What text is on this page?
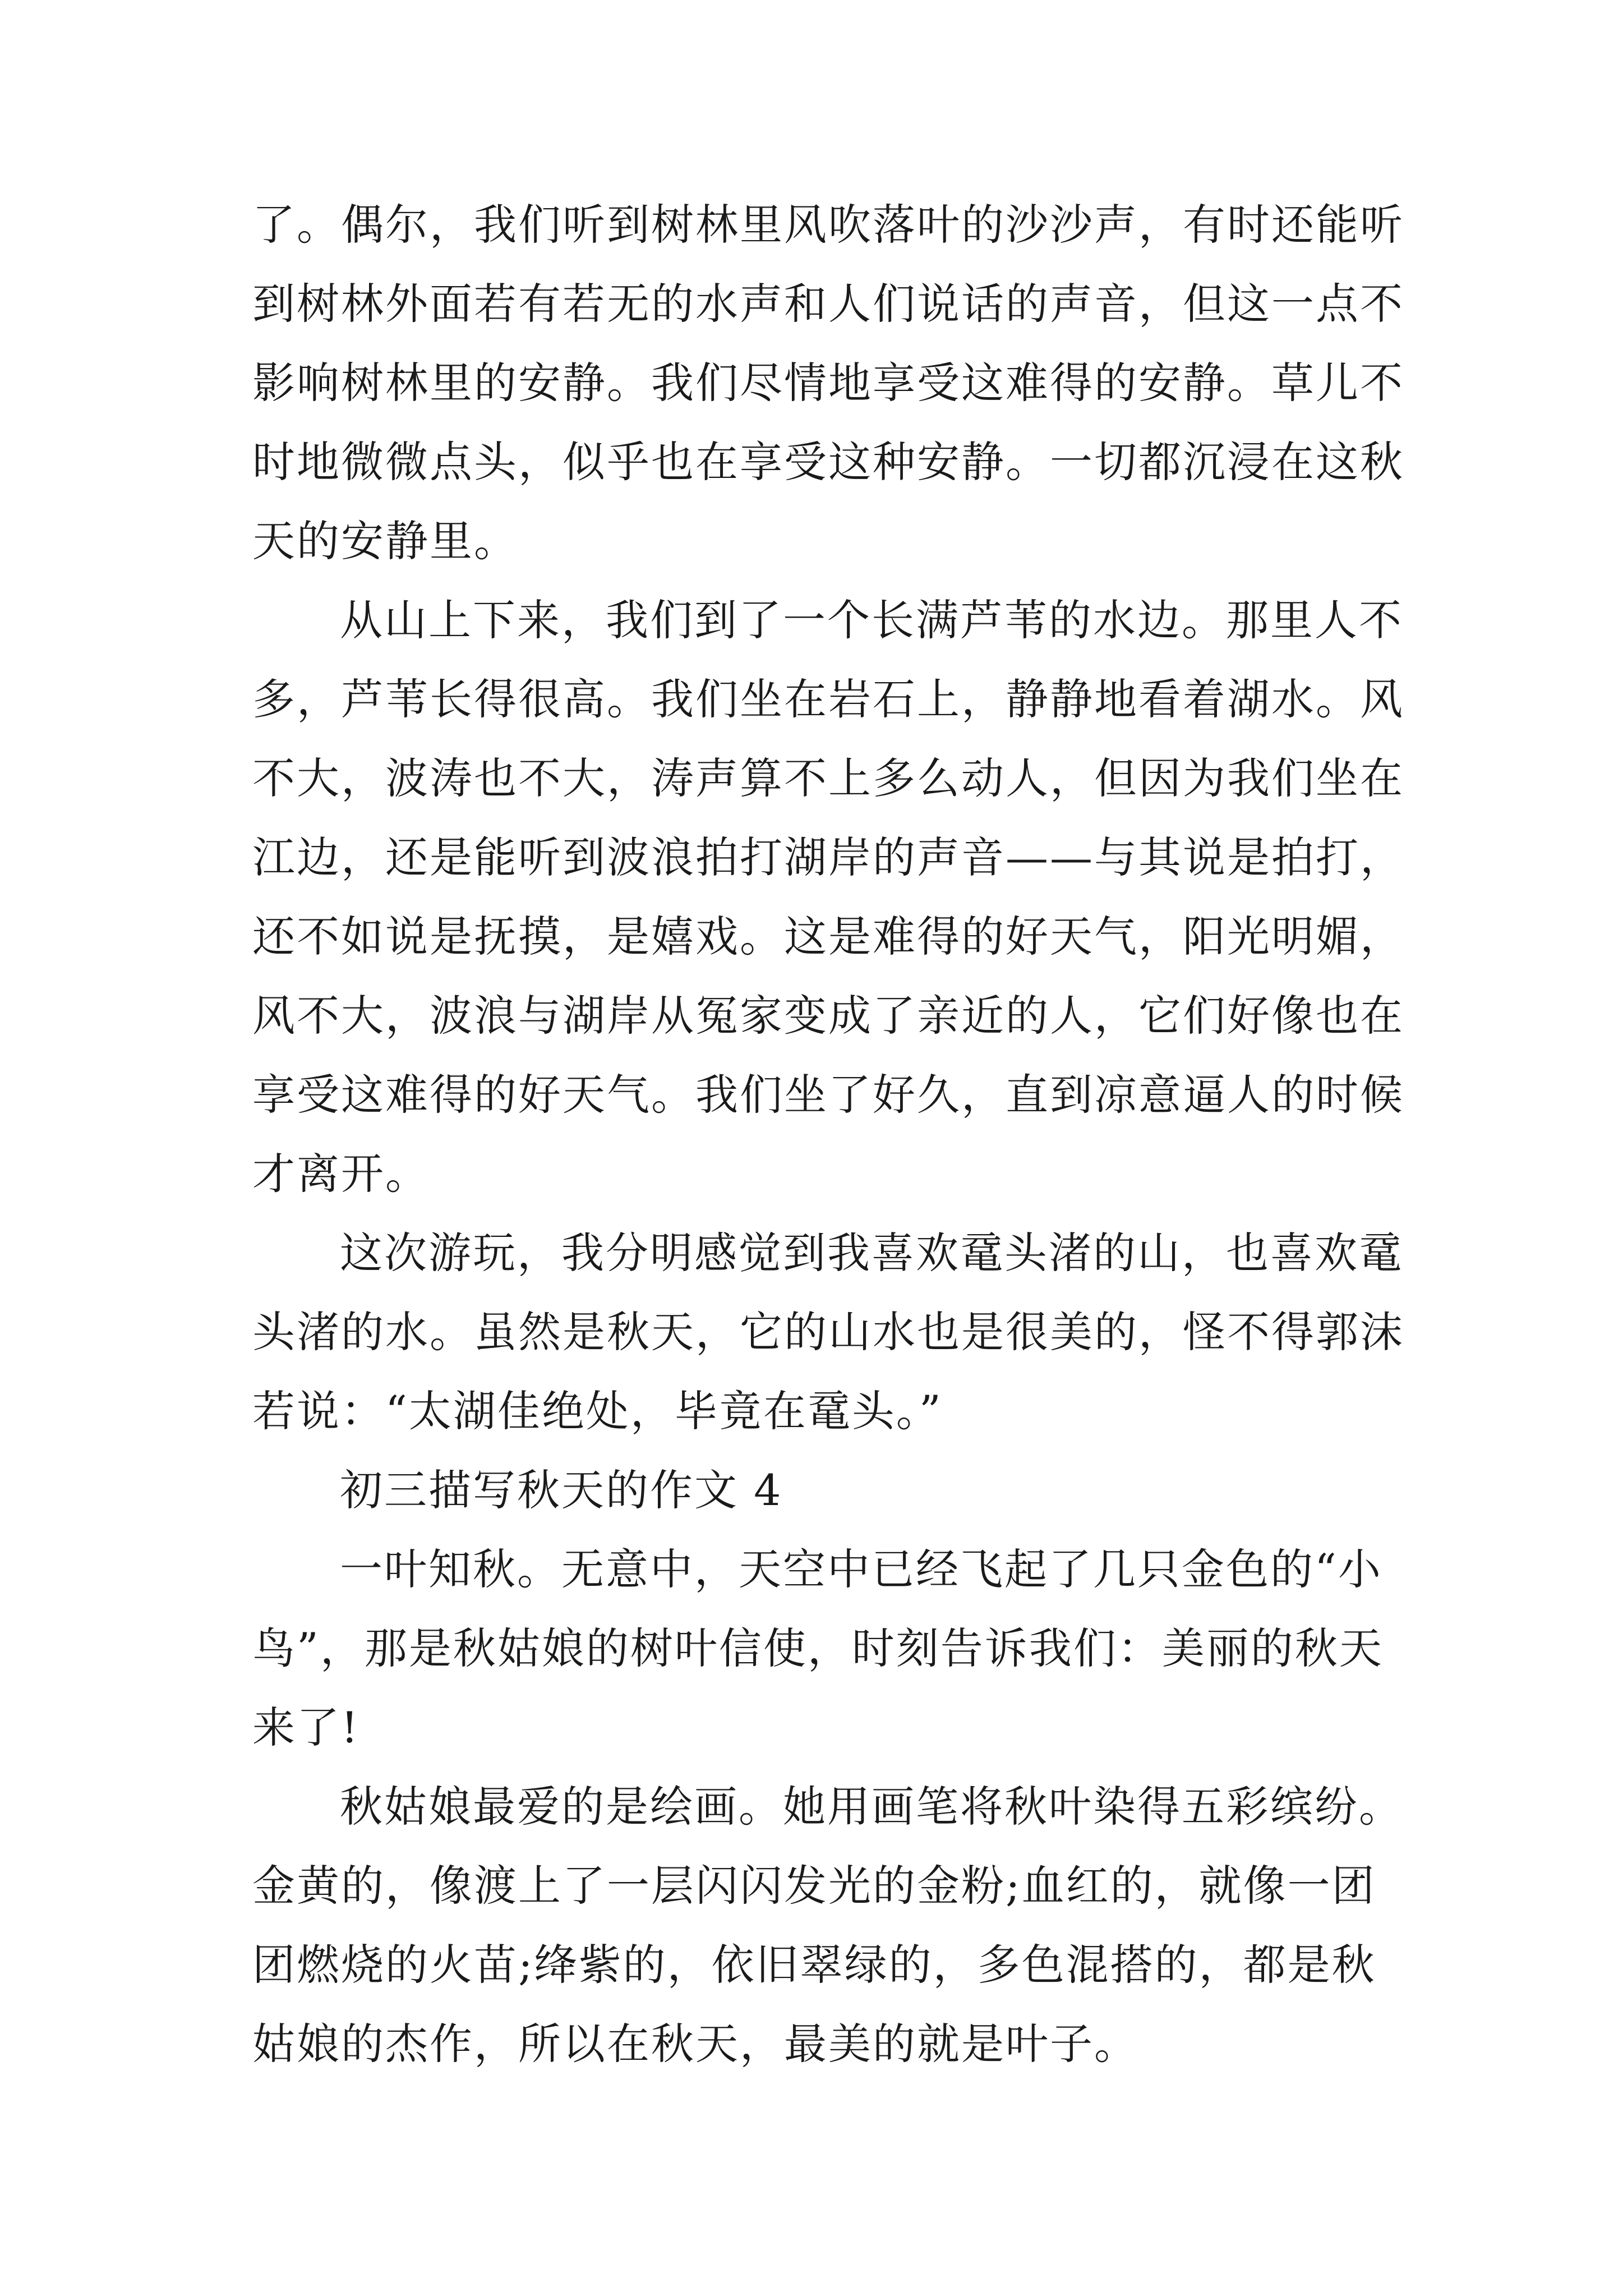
了。偶尔，我们听到树林里风吹落叶的沙沙声，有时还能听
到树林外面若有若无的水声和人们说话的声音，但这一点不
影响树林里的安静。我们尽情地享受这难得的安静。草儿不
时地微微点头，似乎也在享受这种安静。一切都沉浸在这秋
天的安静里。
从山上下来，我们到了一个长满芦苇的水边。那里人不
多，芦苇长得很高。我们坐在岩石上，静静地看着湖水。风
不大，波涛也不大，涛声算不上多么动人，但因为我们坐在
江边，还是能听到波浪拍打湖岸的声音——与其说是拍打，
还不如说是抚摸，是嬉戏。这是难得的好天气，阳光明媚，
风不大，波浪与湖岸从冤家变成了亲近的人，它们好像也在
享受这难得的好天气。我们坐了好久，直到凉意逼人的时候
才离开。
这次游玩，我分明感觉到我喜欢鼋头渚的山，也喜欢鼋
头渚的水。虽然是秋天，它的山水也是很美的，怪不得郭沫
若说：“太湖佳绝处，毕竟在鼋头。”
初三描写秋天的作文 4
一叶知秋。无意中，天空中已经飞起了几只金色的“小
鸟”，那是秋姑娘的树叶信使，时刻告诉我们：美丽的秋天
来了!
秋姑娘最爱的是绘画。她用画笔将秋叶染得五彩缤纷。
金黄的，像渡上了一层闪闪发光的金粉;血红的，就像一团
团燃烧的火苗;绛紫的，依旧翠绿的，多色混搭的，都是秋
姑娘的杰作，所以在秋天，最美的就是叶子。
